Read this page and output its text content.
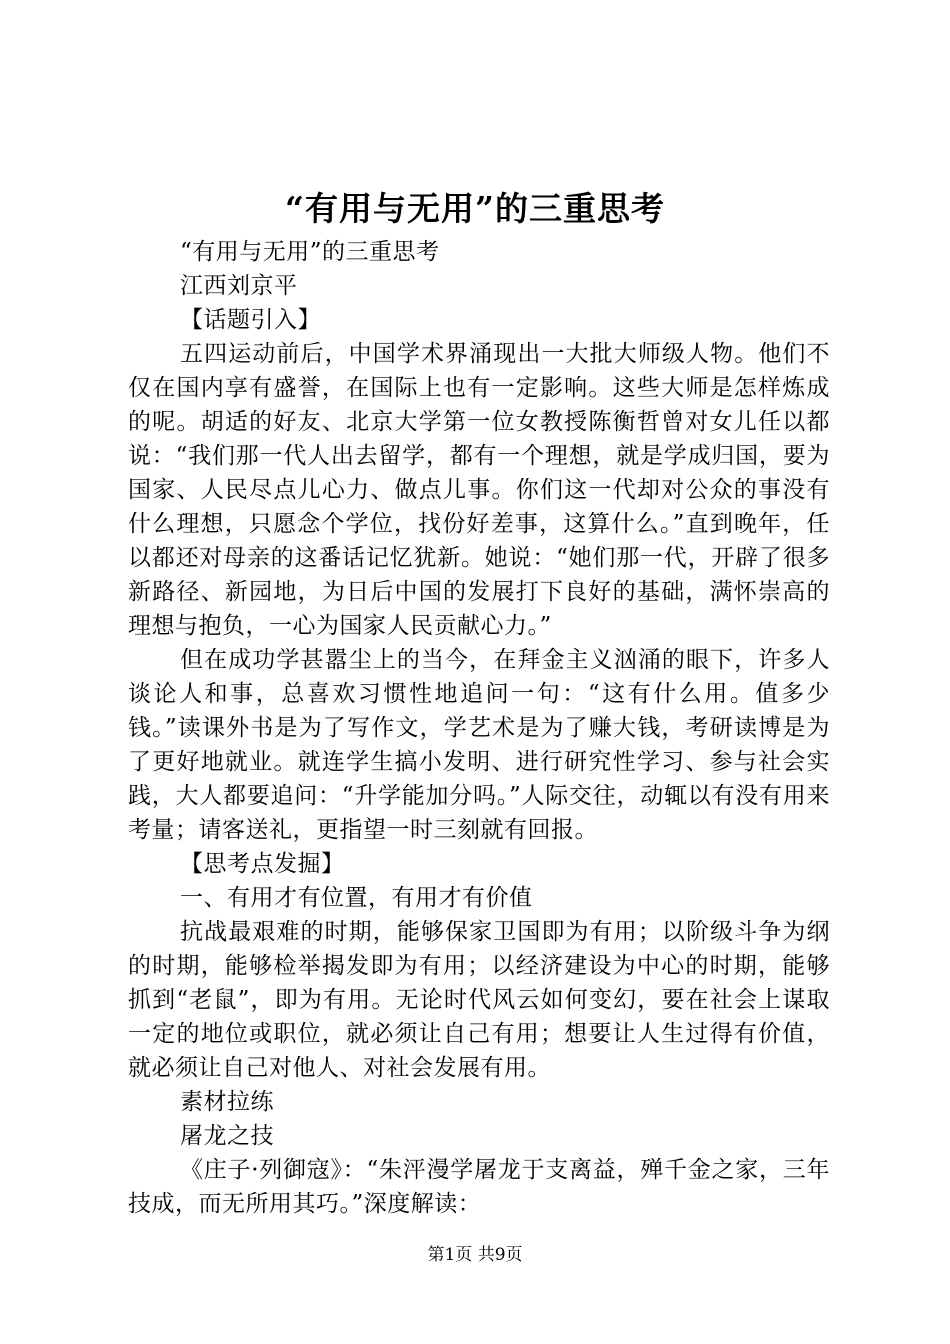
“有用与无用”的三重思考

“有用与无用”的三重思考

江西刘京平

【话题引入】

五四运动前后，中国学术界涌现出一大批大师级人物。他们不仅在国内享有盛誉，在国际上也有一定影响。这些大师是怎样炼成的呢。胡适的好友、北京大学第一位女教授陈衡哲曾对女儿任以都说：“我们那一代人出去留学，都有一个理想，就是学成归国，要为国家、人民尽点儿心力、做点儿事。你们这一代却对公众的事没有什么理想，只愿念个学位，找份好差事，这算什么。”直到晚年，任以都还对母亲的这番话记忆犹新。她说：“她们那一代，开辟了很多新路径、新园地，为日后中国的发展打下良好的基础，满怀崇高的理想与抱负，一心为国家人民贡献心力。”

但在成功学甚嚣尘上的当今，在拜金主义汹涌的眼下，许多人谈论人和事，总喜欢习惯性地追问一句：“这有什么用。值多少钱。”读课外书是为了写作文，学艺术是为了赚大钱，考研读博是为了更好地就业。就连学生搞小发明、进行研究性学习、参与社会实践，大人都要追问：“升学能加分吗。”人际交往，动辄以有没有用来考量；请客送礼，更指望一时三刻就有回报。

【思考点发掘】

一、有用才有位置，有用才有价值

抗战最艰难的时期，能够保家卫国即为有用；以阶级斗争为纲的时期，能够检举揭发即为有用；以经济建设为中心的时期，能够抓到“老鼠”，即为有用。无论时代风云如何变幻，要在社会上谋取一定的地位或职位，就必须让自己有用；想要让人生过得有价值，就必须让自己对他人、对社会发展有用。

素材拉练

屠龙之技

《庄子·列御寇》：“朱泙漫学屠龙于支离益，殚千金之家，三年技成，而无所用其巧。”深度解读：

第1页 共9页
